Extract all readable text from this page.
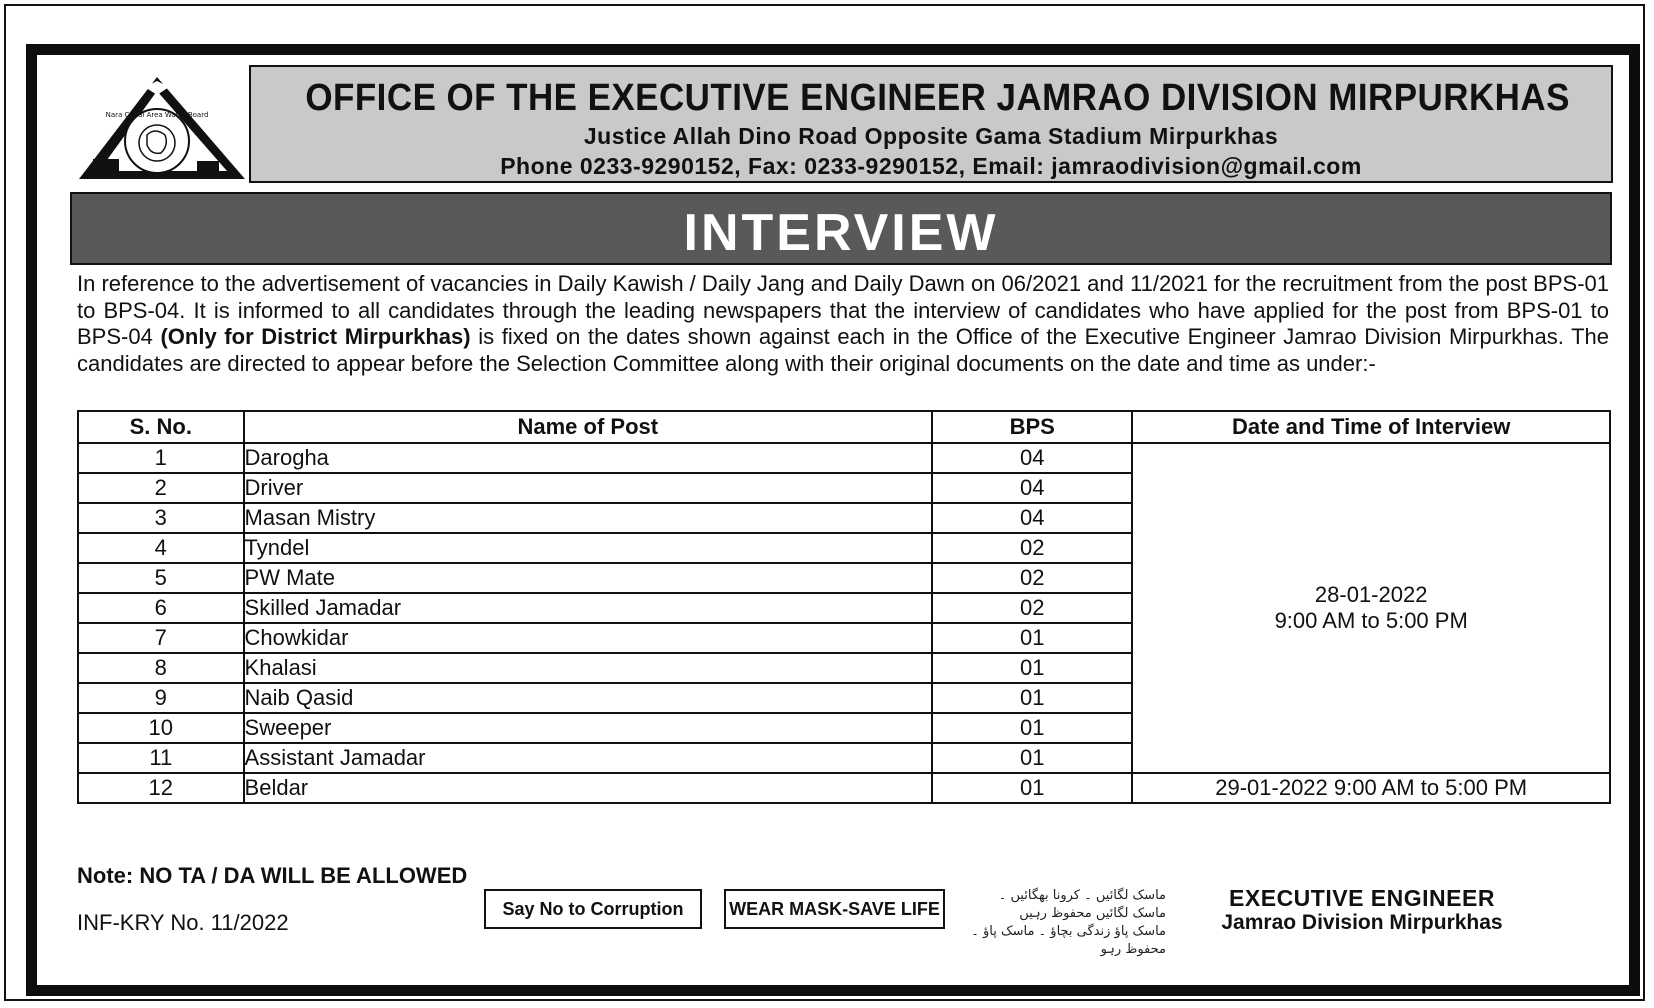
Nara Canal Area Water Board	OFFICE OF THE EXECUTIVE ENGINEER JAMRAO DIVISION MIRPURKHAS
Justice Allah Dino Road Opposite Gama Stadium Mirpurkhas
Phone 0233-9290152, Fax: 0233-9290152, Email: jamraodivision@gmail.com
INTERVIEW
In reference to the advertisement of vacancies in Daily Kawish / Daily Jang and Daily Dawn on 06/2021 and 11/2021 for the recruitment from the post BPS-01 to BPS-04. It is informed to all candidates through the leading newspapers that the interview of candidates who have applied for the post from BPS-01 to BPS-04 (Only for District Mirpurkhas) is fixed on the dates shown against each in the Office of the Executive Engineer Jamrao Division Mirpurkhas. The candidates are directed to appear before the Selection Committee along with their original documents on the date and time as under:-
S. No.	Name of Post	BPS	Date and Time of Interview
1	Darogha	04	28-01-2022
9:00 AM to 5:00 PM

2	Driver	04	
3	Masan Mistry	04	
4	Tyndel	02	
5	PW Mate	02	
6	Skilled Jamadar	02	
7	Chowkidar	01	
8	Khalasi	01	
9	Naib Qasid	01	
10	Sweeper	01	
11	Assistant Jamadar	01	
12	Beldar	01	29-01-2022 9:00 AM to 5:00 PM
Note: NO TA / DA WILL BE ALLOWED
INF-KRY No. 11/2022
Say No to Corruption	WEAR MASK-SAVE LIFE
ماسک لگائیں ۔ کرونا بھگائیں ۔ ماسک لگائیں محفوظ رہیں
ماسک پاؤ زندگی بچاؤ ۔ ماسک پاؤ ۔ محفوظ رہو
EXECUTIVE ENGINEER
Jamrao Division Mirpurkhas
